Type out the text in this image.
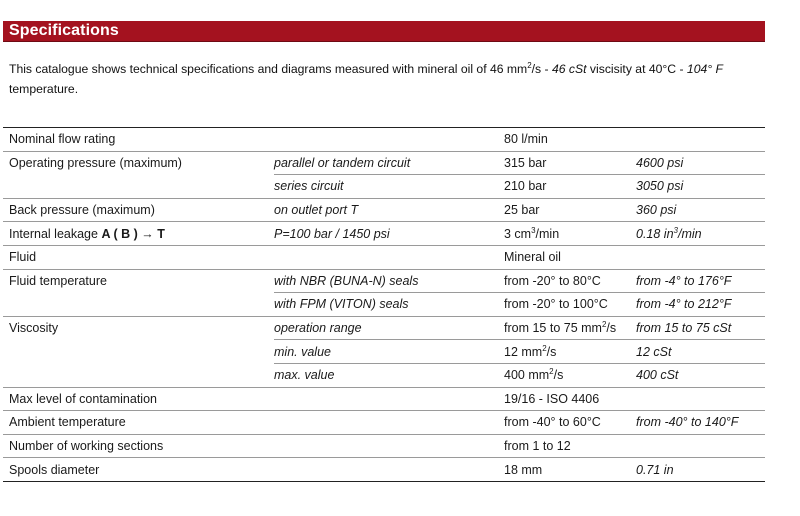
Specifications
This catalogue shows technical specifications and diagrams measured with mineral oil of 46 $mm^2/s - 46$ cSt viscisity at 40°C - 104° F temperature.
Nominal flow rating		80 l/min	
Operating pressure (maximum)	parallel or tandem circuit	315 bar	4600 psi
	series circuit	210 bar	3050 psi
Back pressure (maximum)	on outlet port T	25 bar	360 psi
Internal leakage A ( B ) → T	P=100 bar / 1450 psi	3 $cm^3/\min$	0.18 $in^3/\min$
Fluid		Mineral oil	
Fluid temperature	with NBR (BUNA-N) seals	from -20° to 80°C	from -4° to 176°F
	with FPM (VITON) seals	from -20° to 100°C	from -4° to 212°F
Viscosity	operation range	from 15 to 75 $mm^2/s$	from 15 to 75 cSt
	min. value	12 $mm^2/s$	12 cSt
	max. value	400 $mm^2/s$	400 cSt
Max level of contamination		19/16 - ISO 4406	
Ambient temperature		from -40° to 60°C	from -40° to 140°F
Number of working sections		from 1 to 12	
Spools diameter		18 mm	0.71 in
